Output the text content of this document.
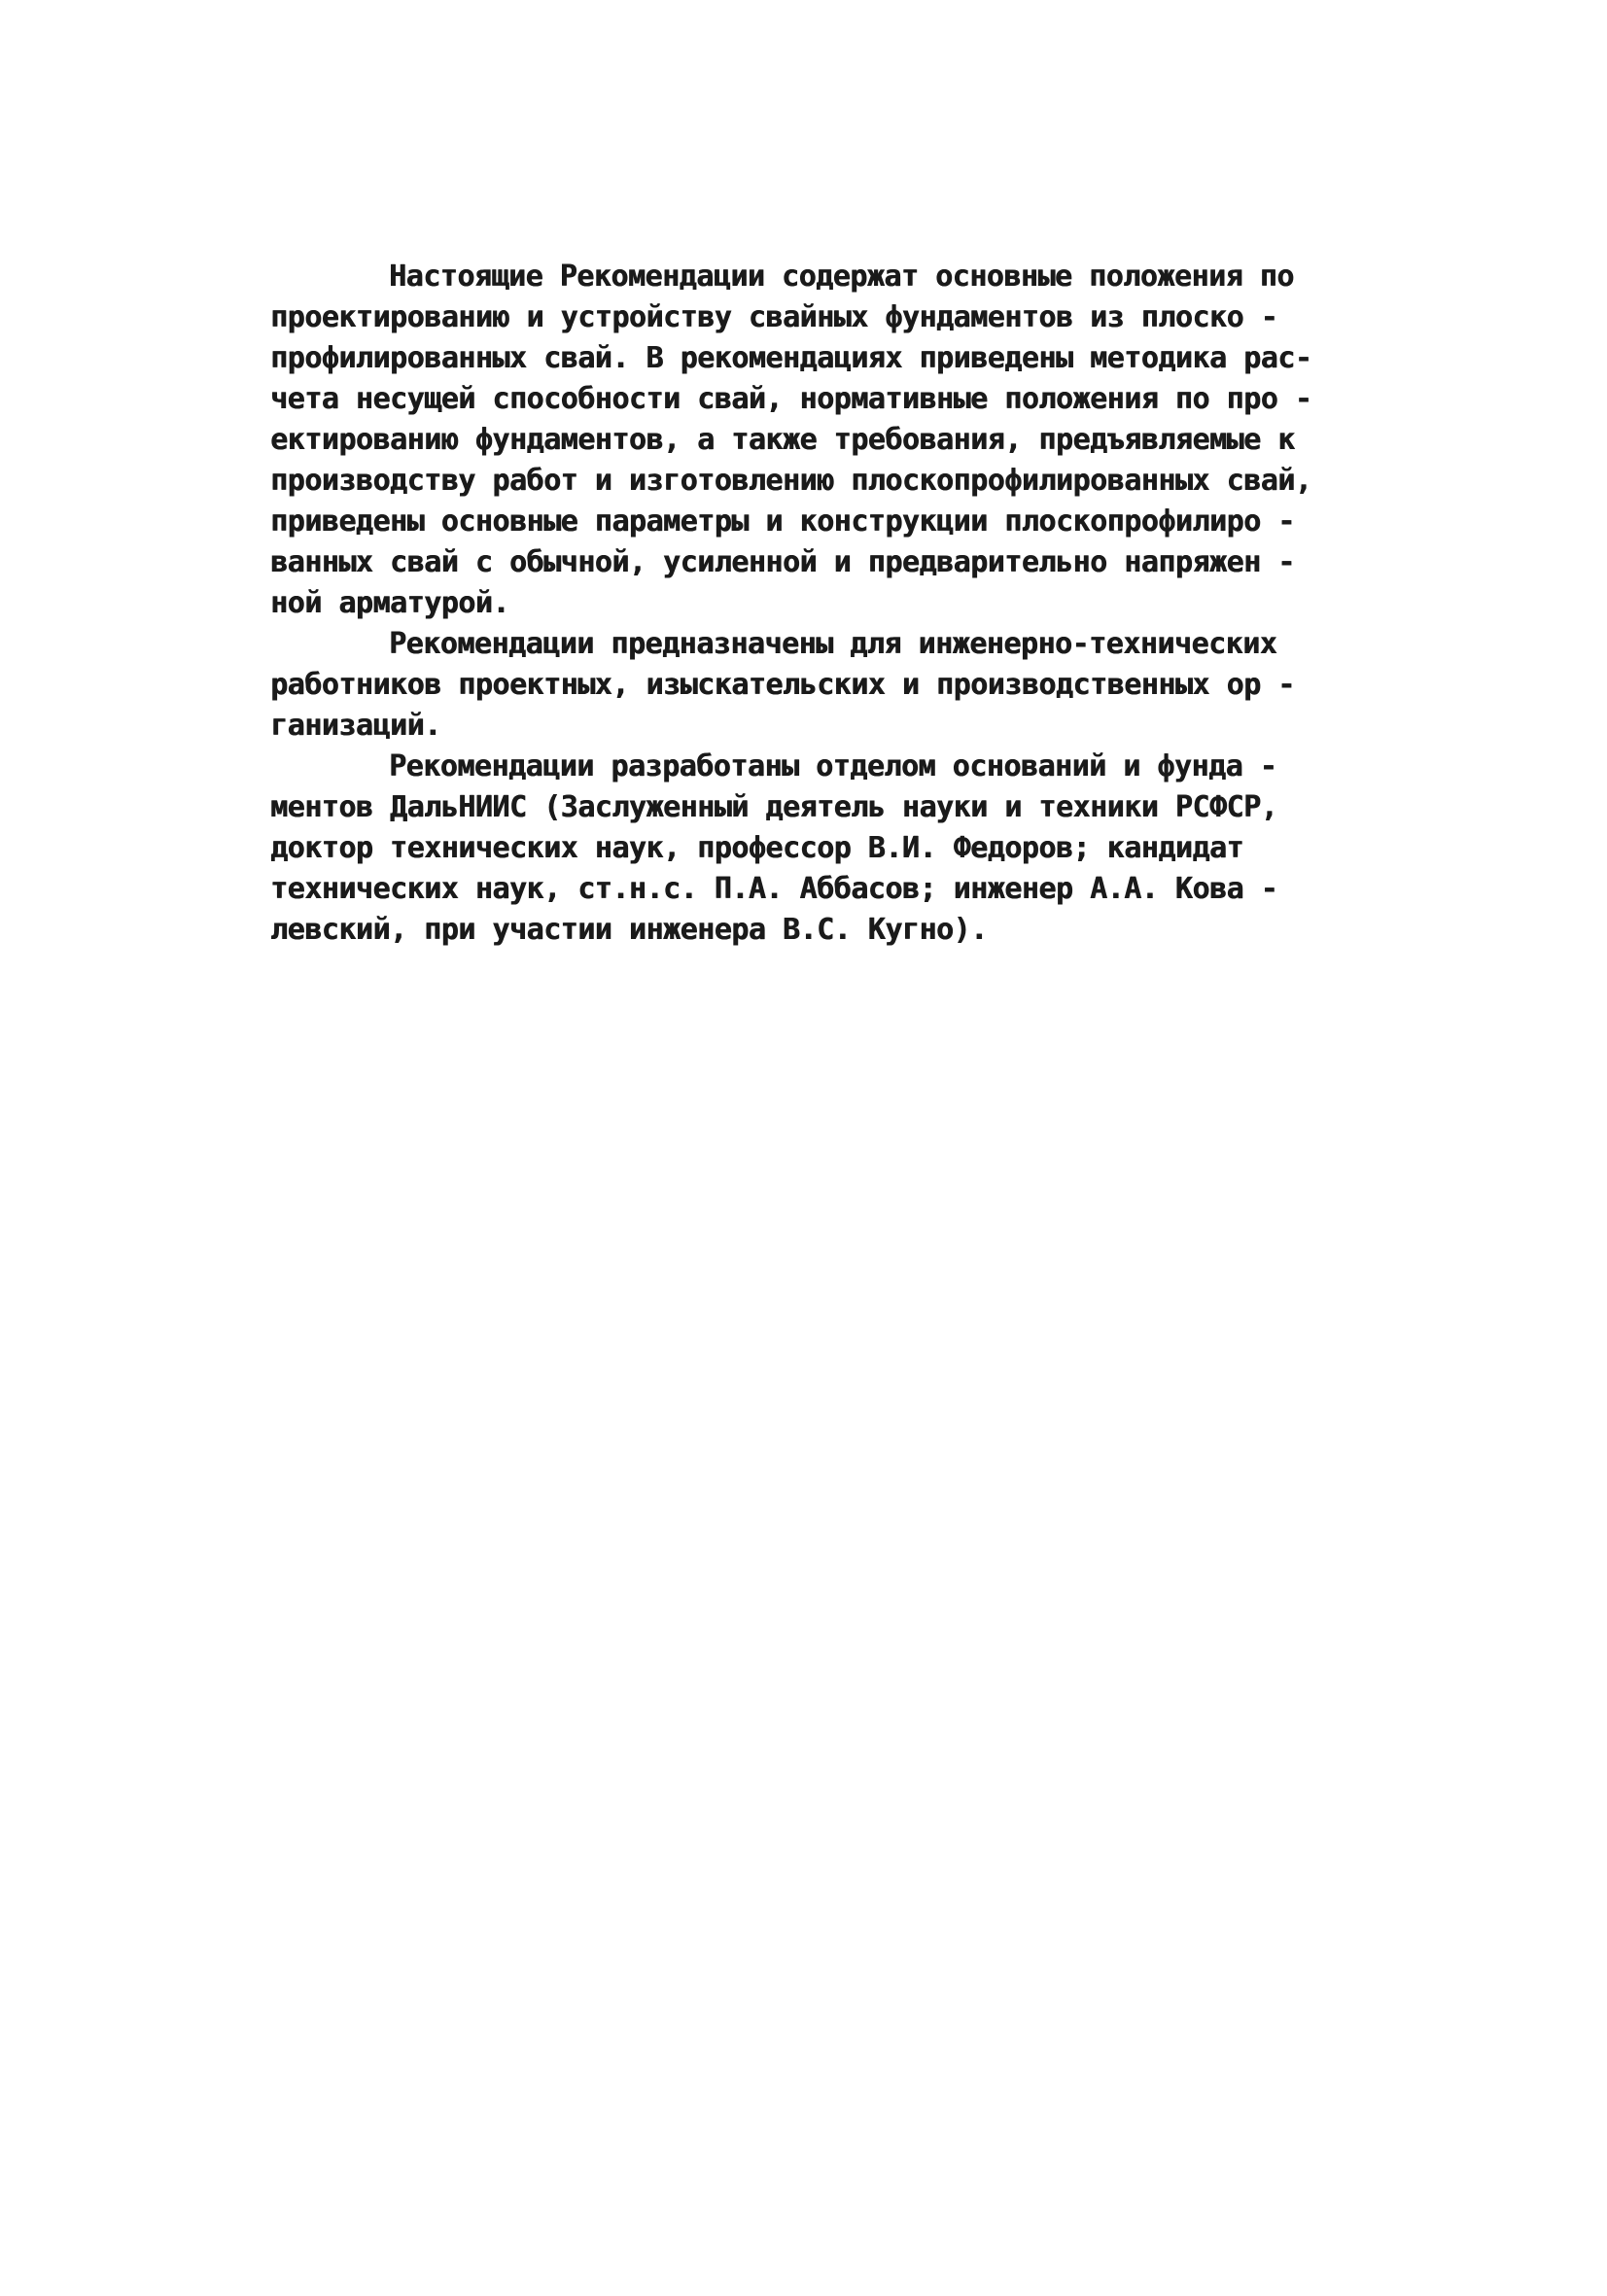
Настоящие Рекомендации содержат основные положения по
проектированию и устройству свайных фундаментов из плоско -
профилированных свай. В рекомендациях приведены методика рас-
чета несущей способности свай, нормативные положения по про -
ектированию фундаментов, а также требования, предъявляемые к
производству работ и изготовлению плоскопрофилированных свай,
приведены основные параметры и конструкции плоскопрофилиро -
ванных свай с обычной, усиленной и предварительно напряжен -
ной арматурой.
Рекомендации предназначены для инженерно-технических
работников проектных, изыскательских и производственных ор -
ганизаций.
Рекомендации разработаны отделом оснований и фунда -
ментов ДальНИИС (Заслуженный деятель науки и техники РСФСР,
доктор технических наук, профессор В.И. Федоров; кандидат
технических наук, ст.н.с. П.А. Аббасов; инженер А.А. Кова -
левский, при участии инженера В.С. Кугно).
